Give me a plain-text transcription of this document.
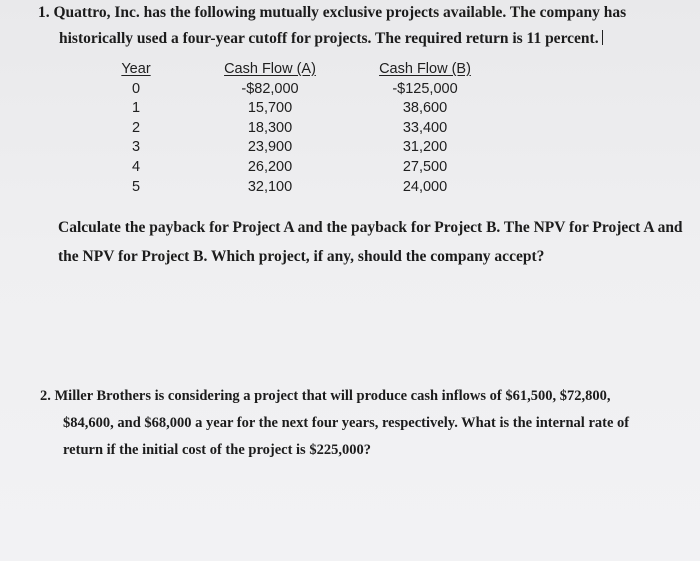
1. Quattro, Inc. has the following mutually exclusive projects available. The company has
historically used a four-year cutoff for projects. The required return is 11 percent.
Year
0
1
2
3
4
5
Cash Flow (A)
-$82,000
15,700
18,300
23,900
26,200
32,100
Cash Flow (B)
-$125,000
38,600
33,400
31,200
27,500
24,000
Calculate the payback for Project A and the payback for Project B. The NPV for Project A and
the NPV for Project B. Which project, if any, should the company accept?
2. Miller Brothers is considering a project that will produce cash inflows of $61,500, $72,800,
$84,600, and $68,000 a year for the next four years, respectively. What is the internal rate of
return if the initial cost of the project is $225,000?
